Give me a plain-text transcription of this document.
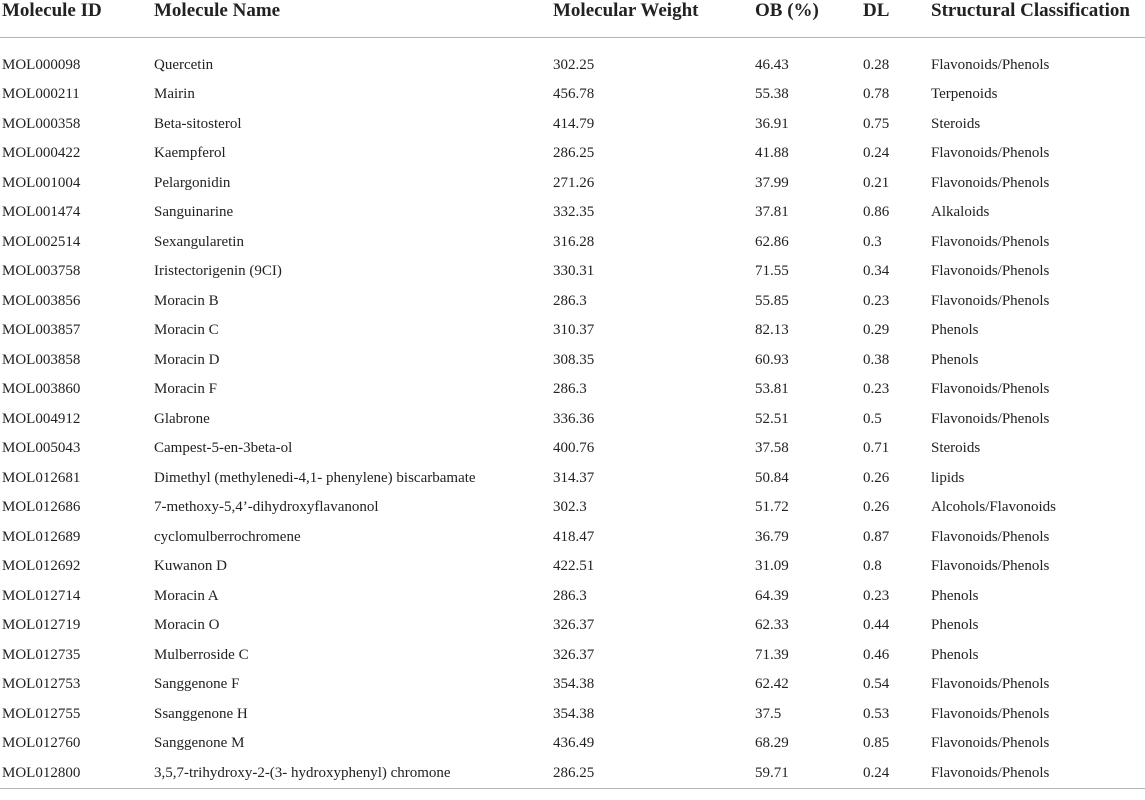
Molecule ID	Molecule Name	Molecular Weight	OB (%)	DL	Structural Classification
MOL000098	Quercetin	302.25	46.43	0.28	Flavonoids/Phenols
MOL000211	Mairin	456.78	55.38	0.78	Terpenoids
MOL000358	Beta-sitosterol	414.79	36.91	0.75	Steroids
MOL000422	Kaempferol	286.25	41.88	0.24	Flavonoids/Phenols
MOL001004	Pelargonidin	271.26	37.99	0.21	Flavonoids/Phenols
MOL001474	Sanguinarine	332.35	37.81	0.86	Alkaloids
MOL002514	Sexangularetin	316.28	62.86	0.3	Flavonoids/Phenols
MOL003758	Iristectorigenin (9CI)	330.31	71.55	0.34	Flavonoids/Phenols
MOL003856	Moracin B	286.3	55.85	0.23	Flavonoids/Phenols
MOL003857	Moracin C	310.37	82.13	0.29	Phenols
MOL003858	Moracin D	308.35	60.93	0.38	Phenols
MOL003860	Moracin F	286.3	53.81	0.23	Flavonoids/Phenols
MOL004912	Glabrone	336.36	52.51	0.5	Flavonoids/Phenols
MOL005043	Campest-5-en-3beta-ol	400.76	37.58	0.71	Steroids
MOL012681	Dimethyl (methylenedi-4,1- phenylene) biscarbamate	314.37	50.84	0.26	lipids
MOL012686	7-methoxy-5,4’-dihydroxyflavanonol	302.3	51.72	0.26	Alcohols/Flavonoids
MOL012689	cyclomulberrochromene	418.47	36.79	0.87	Flavonoids/Phenols
MOL012692	Kuwanon D	422.51	31.09	0.8	Flavonoids/Phenols
MOL012714	Moracin A	286.3	64.39	0.23	Phenols
MOL012719	Moracin O	326.37	62.33	0.44	Phenols
MOL012735	Mulberroside C	326.37	71.39	0.46	Phenols
MOL012753	Sanggenone F	354.38	62.42	0.54	Flavonoids/Phenols
MOL012755	Ssanggenone H	354.38	37.5	0.53	Flavonoids/Phenols
MOL012760	Sanggenone M	436.49	68.29	0.85	Flavonoids/Phenols
MOL012800	3,5,7-trihydroxy-2-(3- hydroxyphenyl) chromone	286.25	59.71	0.24	Flavonoids/Phenols
